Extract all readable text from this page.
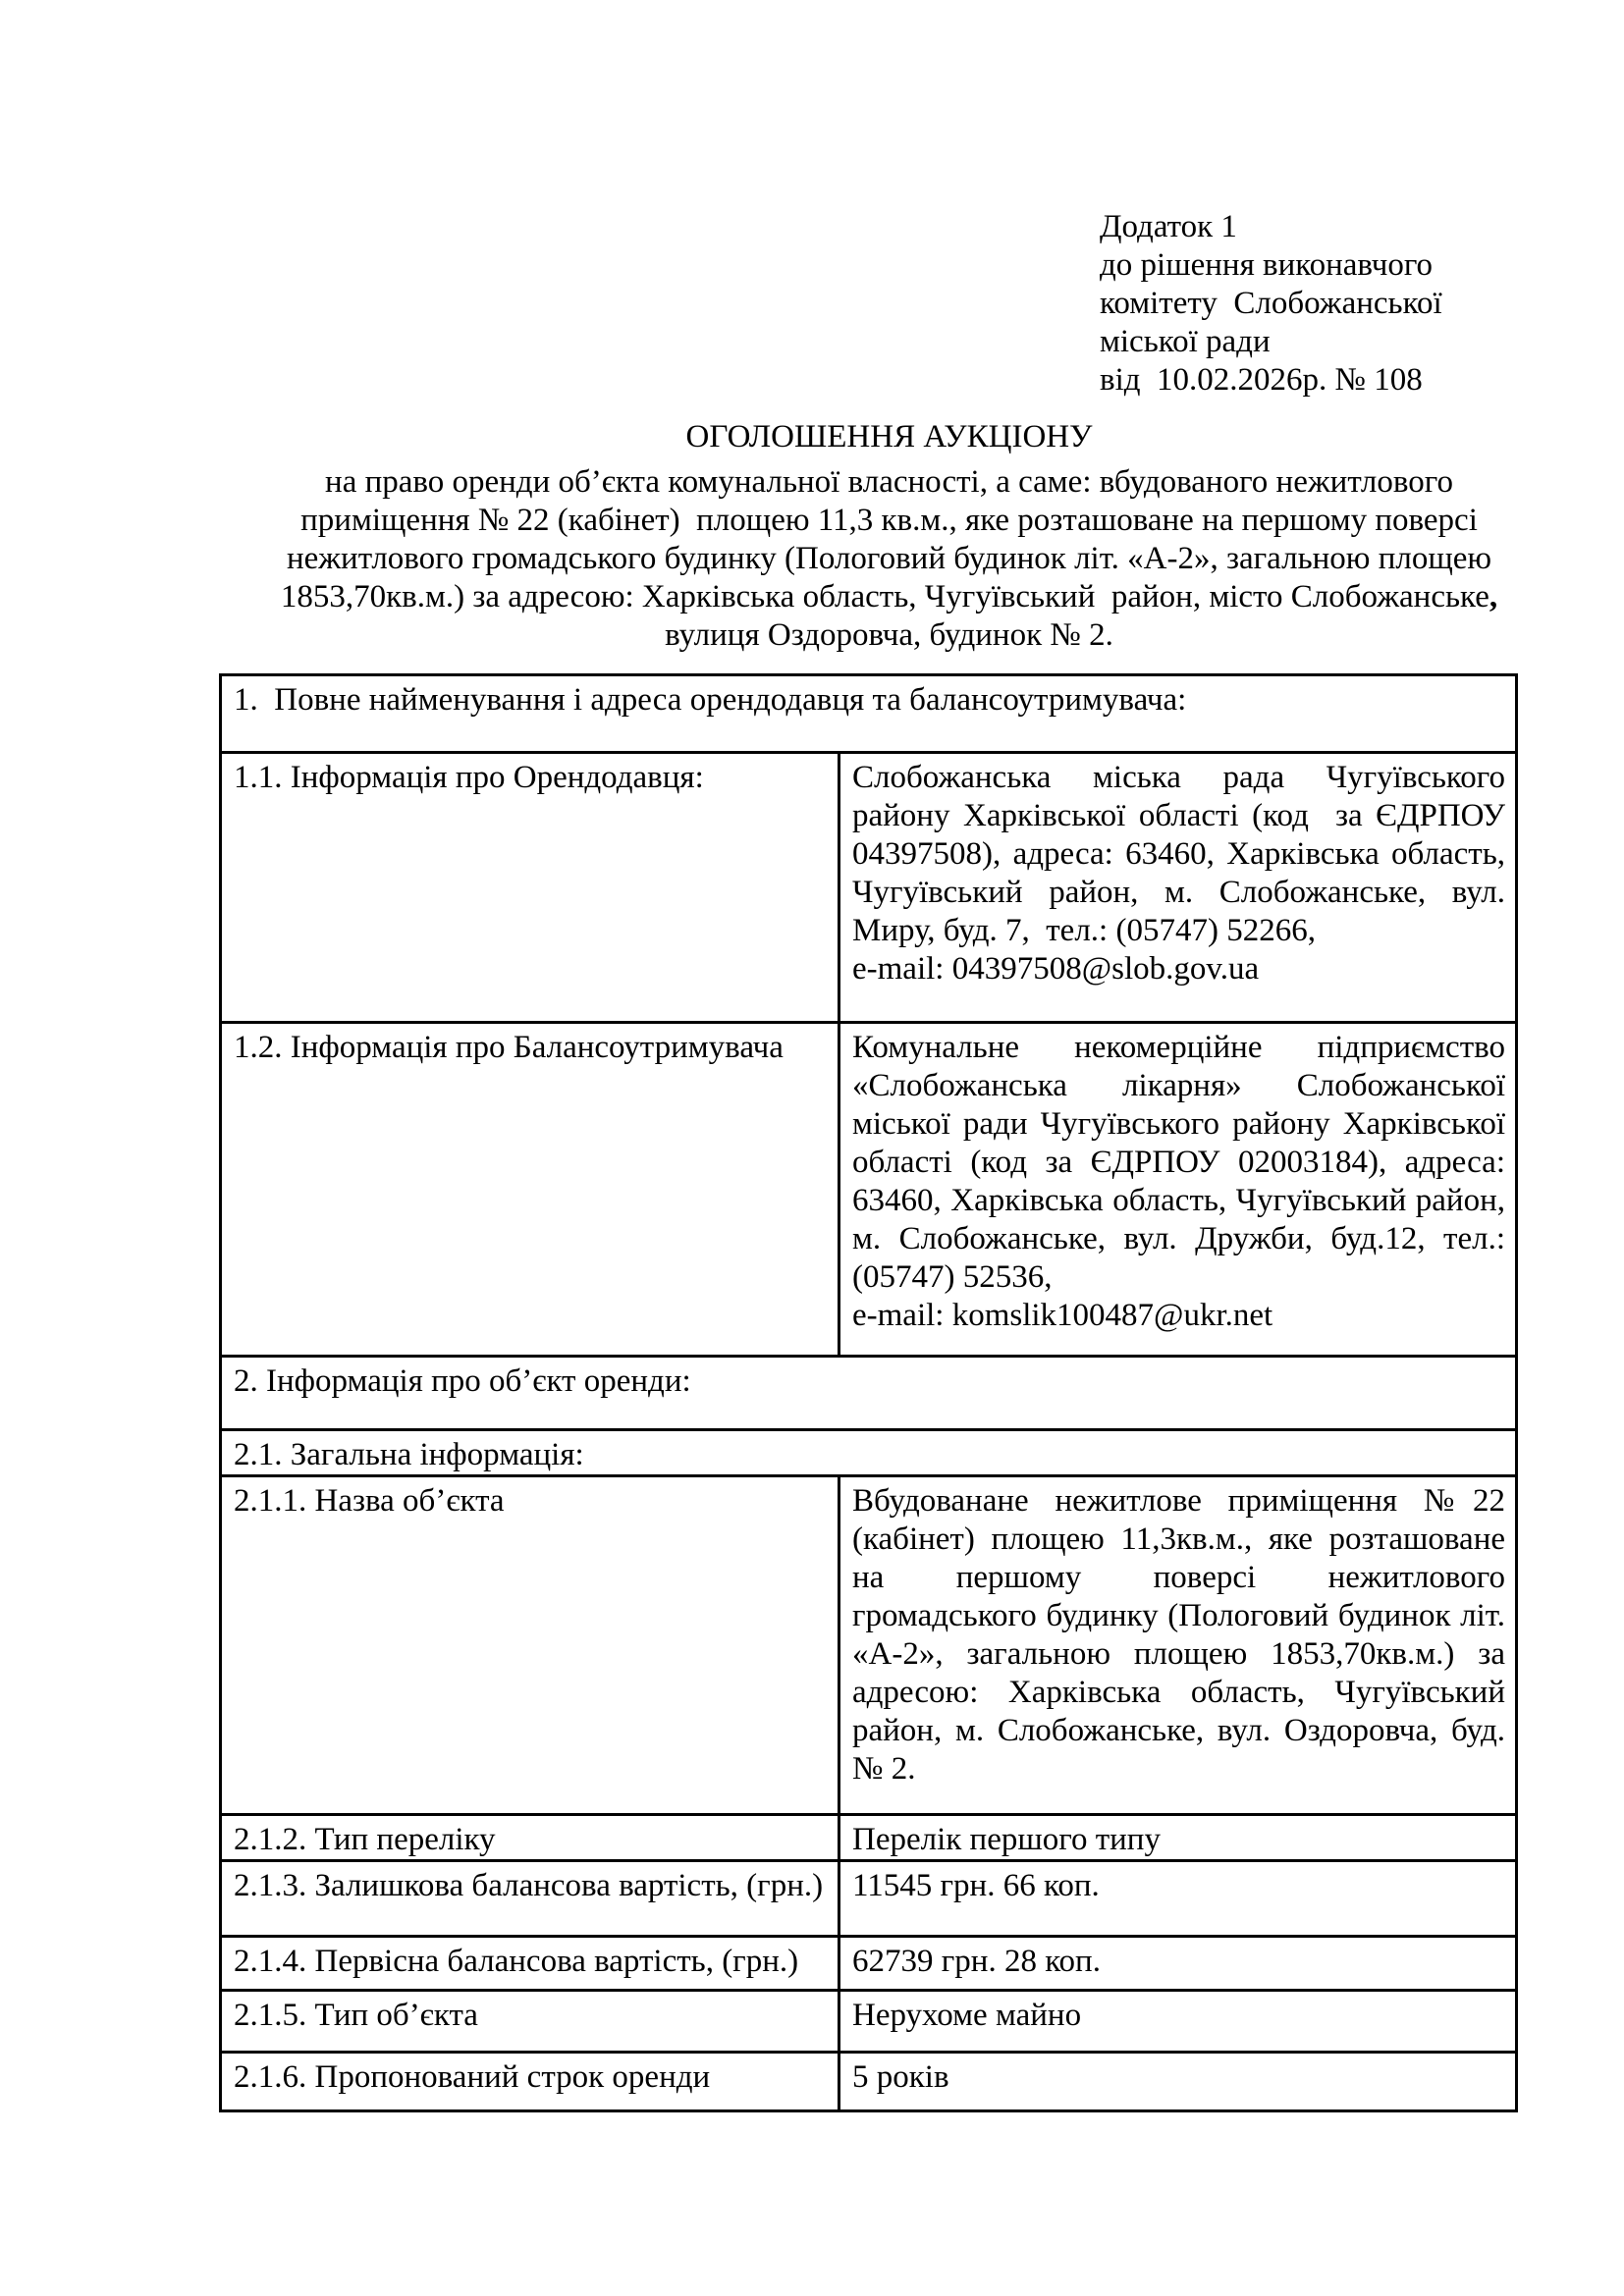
Додаток 1
до рішення виконавчого
комітету  Слобожанської
міської ради
від  10.02.2026р. № 108
ОГОЛОШЕННЯ АУКЦІОНУ
на право оренди об’єкта комунальної власності, а саме: вбудованого нежитлового
приміщення № 22 (кабінет)  площею 11,3 кв.м., яке розташоване на першому поверсі
нежитлового громадського будинку (Пологовий будинок літ. «А-2», загальною площею
1853,70кв.м.) за адресою: Харківська область, Чугуївський  район, місто Слобожанське,
вулиця Оздоровча, будинок № 2.
1.  Повне найменування і адреса орендодавця та балансоутримувача:	
1.1. Інформація про Орендодавця:	Слобожанська міська рада Чугуївського району Харківської області (код  за ЄДРПОУ 04397508), адреса: 63460, Харківська область, Чугуївський район, м. Слобожанське, вул. Миру, буд. 7,  тел.: (05747) 52266,

e-mail: 04397508@slob.gov.ua

1.2. Інформація про Балансоутримувача	Комунальне некомерційне підприємство «Слобожанська лікарня» Слобожанської міської ради Чугуївського району Харківської області (код за ЄДРПОУ 02003184), адреса: 63460, Харківська область, Чугуївський район, м. Слобожанське, вул. Дружби, буд.12, тел.: (05747) 52536,

e-mail: komslik100487@ukr.net

2. Інформація про об’єкт оренди:	
2.1. Загальна інформація:	
2.1.1. Назва об’єкта	Вбудованане нежитлове приміщення №22 (кабінет) площею 11,3кв.м., яке розташоване на першому поверсі нежитлового громадського будинку (Пологовий будинок літ. «А-2», загальною площею 1853,70кв.м.) за адресою: Харківська область, Чугуївський район, м. Слобожанське, вул. Оздоровча, буд. № 2.

2.1.2. Тип переліку	Перелік першого типу

2.1.3. Залишкова балансова вартість, (грн.)	11545 грн. 66 коп.

2.1.4. Первісна балансова вартість, (грн.)	62739 грн. 28 коп.

2.1.5. Тип об’єкта	Нерухоме майно

2.1.6. Пропонований строк оренди	5 років
